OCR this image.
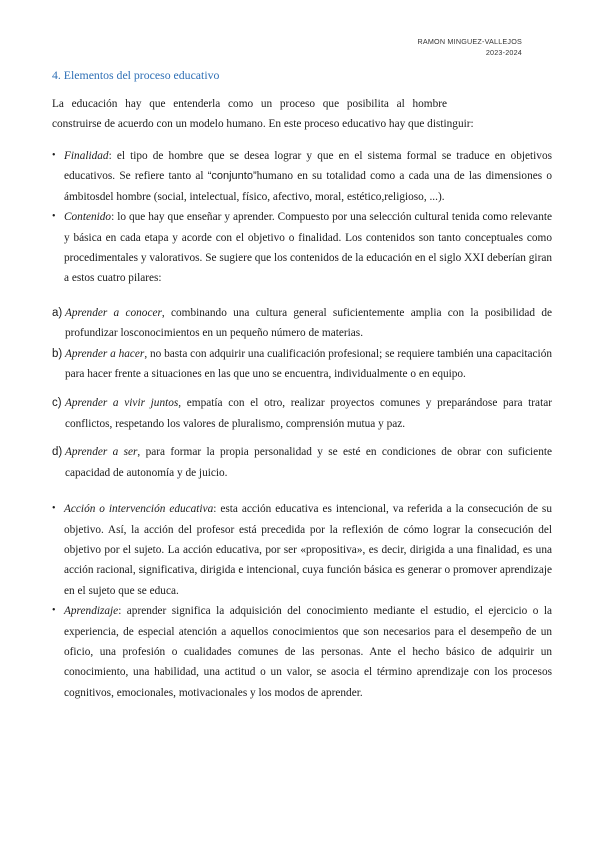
RAMON MINGUEZ-VALLEJOS
2023-2024
4. Elementos del proceso educativo
La educación hay que entenderla como un proceso que posibilita al hombre
construirse de acuerdo con un modelo humano. En este proceso educativo hay que distinguir:

• Finalidad: el tipo de hombre que se desea lograr y que en el sistema formal se traduce en objetivos educativos. Se refiere tanto al “conjunto”humano en su totalidad como a cada una de las dimensiones o ámbitosdel hombre (social, intelectual, físico, afectivo, moral, estético,religioso, ...).

• Contenido: lo que hay que enseñar y aprender. Compuesto por una selección cultural tenida como relevante y básica en cada etapa y acorde con el objetivo o finalidad. Los contenidos son tanto conceptuales como procedimentales y valorativos. Se sugiere que los contenidos de la educación en el siglo XXI deberían giran a estos cuatro pilares:

a) Aprender a conocer, combinando una cultura general suficientemente amplia con la posibilidad de profundizar losconocimientos en un pequeño número de materias.

b) Aprender a hacer, no basta con adquirir una cualificación profesional; se requiere también una capacitación para hacer frente a situaciones en las que uno se encuentra, individualmente o en equipo.

c) Aprender a vivir juntos, empatía con el otro, realizar proyectos comunes y preparándose para tratar conflictos, respetando los valores de pluralismo, comprensión mutua y paz.

d) Aprender a ser, para formar la propia personalidad y se esté en condiciones de obrar con suficiente capacidad de autonomía y de juicio.

• Acción o intervención educativa: esta acción educativa es intencional, va referida a la consecución de su objetivo. Así, la acción del profesor está precedida por la reflexión de cómo lograr la consecución del objetivo por el sujeto. La acción educativa, por ser «propositiva», es decir, dirigida a una finalidad, es una acción racional, significativa, dirigida e intencional, cuya función básica es generar o promover aprendizaje en el sujeto que se educa.

• Aprendizaje: aprender significa la adquisición del conocimiento mediante el estudio, el ejercicio o la experiencia, de especial atención a aquellos conocimientos que son necesarios para el desempeño de un oficio, una profesión o cualidades comunes de las personas. Ante el hecho básico de adquirir un conocimiento, una habilidad, una actitud o un valor, se asocia el término aprendizaje con los procesos cognitivos, emocionales, motivacionales y los modos de aprender.
